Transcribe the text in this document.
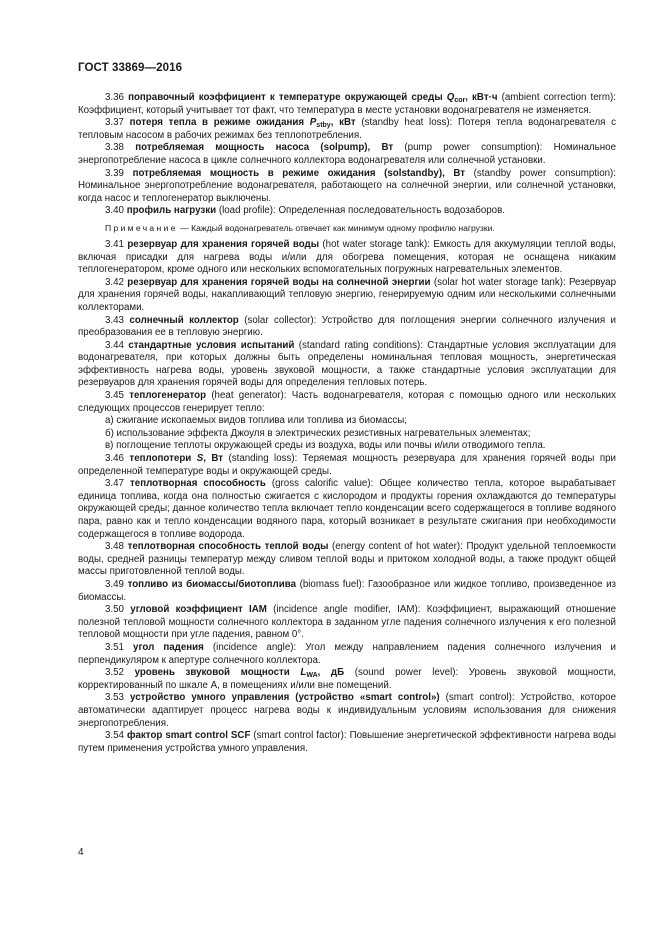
ГОСТ 33869—2016

3.36 поправочный коэффициент к температуре окружающей среды $Q_{cor}$, кВт·ч (ambient correction term): Коэффициент, который учитывает тот факт, что температура в месте установки водонагревателя не изменяется.

3.37 потеря тепла в режиме ожидания $P_{stby}$, кВт (standby heat loss): Потеря тепла водонагревателя с тепловым насосом в рабочих режимах без теплопотребления.

3.38 потребляемая мощность насоса (solpump), Вт (pump power consumption): Номинальное энергопотребление насоса в цикле солнечного коллектора водонагревателя или солнечной установки.

3.39 потребляемая мощность в режиме ожидания (solstandby), Вт (standby power consumption): Номинальное энергопотребление водонагревателя, работающего на солнечной энергии, или солнечной установки, когда насос и теплогенератор выключены.

3.40 профиль нагрузки (load profile): Определенная последовательность водозаборов.

Примечание — Каждый водонагреватель отвечает как минимум одному профилю нагрузки.

3.41 резервуар для хранения горячей воды (hot water storage tank): Емкость для аккумуляции теплой воды, включая присадки для нагрева воды и/или для обогрева помещения, которая не оснащена никаким теплогенератором, кроме одного или нескольких вспомогательных погружных нагревательных элементов.

3.42 резервуар для хранения горячей воды на солнечной энергии (solar hot water storage tank): Резервуар для хранения горячей воды, накапливающий тепловую энергию, генерируемую одним или несколькими солнечными коллекторами.

3.43 солнечный коллектор (solar collector): Устройство для поглощения энергии солнечного излучения и преобразования ее в тепловую энергию.

3.44 стандартные условия испытаний (standard rating conditions): Стандартные условия эксплуатации для водонагревателя, при которых должны быть определены номинальная тепловая мощность, энергетическая эффективность нагрева воды, уровень звуковой мощности, а также стандартные условия эксплуатации для резервуаров для хранения горячей воды для определения тепловых потерь.

3.45 теплогенератор (heat generator): Часть водонагревателя, которая с помощью одного или нескольких следующих процессов генерирует тепло:

а) сжигание ископаемых видов топлива или топлива из биомассы;

б) использование эффекта Джоуля в электрических резистивных нагревательных элементах;

в) поглощение теплоты окружающей среды из воздуха, воды или почвы и/или отводимого тепла.

3.46 теплопотери S, Вт (standing loss): Теряемая мощность резервуара для хранения горячей воды при определенной температуре воды и окружающей среды.

3.47 теплотворная способность (gross calorific value): Общее количество тепла, которое вырабатывает единица топлива, когда она полностью сжигается с кислородом и продукты горения охлаждаются до температуры окружающей среды; данное количество тепла включает тепло конденсации всего содержащегося в топливе водяного пара, равно как и тепло конденсации водяного пара, который возникает в результате сжигания при необходимости содержащегося в топливе водорода.

3.48 теплотворная способность теплой воды (energy content of hot water): Продукт удельной теплоемкости воды, средней разницы температур между сливом теплой воды и притоком холодной воды, а также продукт общей массы приготовленной теплой воды.

3.49 топливо из биомассы/биотоплива (biomass fuel): Газообразное или жидкое топливо, произведенное из биомассы.

3.50 угловой коэффициент IAM (incidence angle modifier, IAM): Коэффициент, выражающий отношение полезной тепловой мощности солнечного коллектора в заданном угле падения солнечного излучения к его полезной тепловой мощности при угле падения, равном 0°.

3.51 угол падения (incidence angle): Угол между направлением падения солнечного излучения и перпендикуляром к апертуре солнечного коллектора.

3.52 уровень звуковой мощности $L_{WA}$, дБ (sound power level): Уровень звуковой мощности, корректированный по шкале А, в помещениях и/или вне помещений.

3.53 устройство умного управления (устройство «smart control») (smart control): Устройство, которое автоматически адаптирует процесс нагрева воды к индивидуальным условиям использования для снижения энергопотребления.

3.54 фактор smart control SCF (smart control factor): Повышение энергетической эффективности нагрева воды путем применения устройства умного управления.

4
